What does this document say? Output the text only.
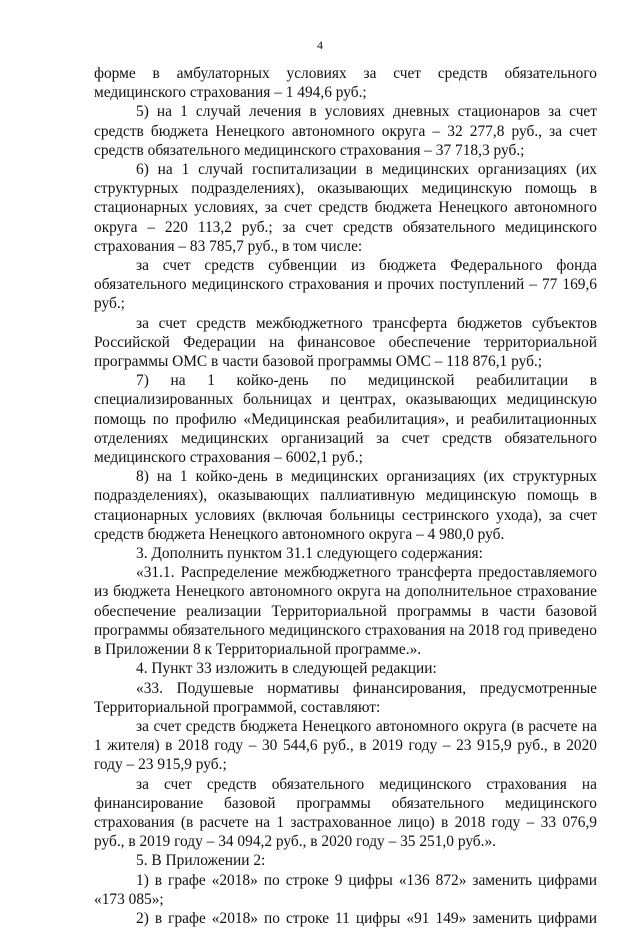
4

форме в амбулаторных условиях за счет средств обязательного медицинского страхования – 1 494,6 руб.;

5) на 1 случай лечения в условиях дневных стационаров за счет средств бюджета Ненецкого автономного округа – 32 277,8 руб., за счет средств обязательного медицинского страхования – 37 718,3 руб.;

6) на 1 случай госпитализации в медицинских организациях (их структурных подразделениях), оказывающих медицинскую помощь в стационарных условиях, за счет средств бюджета Ненецкого автономного округа – 220 113,2 руб.; за счет средств обязательного медицинского страхования – 83 785,7 руб., в том числе:

за счет средств субвенции из бюджета Федерального фонда обязательного медицинского страхования и прочих поступлений – 77 169,6 руб.;

за счет средств межбюджетного трансферта бюджетов субъектов Российской Федерации на финансовое обеспечение территориальной программы ОМС в части базовой программы ОМС – 118 876,1 руб.;

7) на 1 койко-день по медицинской реабилитации в специализированных больницах и центрах, оказывающих медицинскую помощь по профилю «Медицинская реабилитация», и реабилитационных отделениях медицинских организаций за счет средств обязательного медицинского страхования – 6002,1 руб.;

8) на 1 койко-день в медицинских организациях (их структурных подразделениях), оказывающих паллиативную медицинскую помощь в стационарных условиях (включая больницы сестринского ухода), за счет средств бюджета Ненецкого автономного округа – 4 980,0 руб.

3. Дополнить пунктом 31.1 следующего содержания:

«31.1. Распределение межбюджетного трансферта предоставляемого из бюджета Ненецкого автономного округа на дополнительное страхование обеспечение реализации Территориальной программы в части базовой программы обязательного медицинского страхования на 2018 год приведено в Приложении 8 к Территориальной программе.».

4. Пункт 33 изложить в следующей редакции:

«33. Подушевые нормативы финансирования, предусмотренные Территориальной программой, составляют:

за счет средств бюджета Ненецкого автономного округа (в расчете на 1 жителя) в 2018 году – 30 544,6 руб., в 2019 году – 23 915,9 руб., в 2020 году – 23 915,9 руб.;

за счет средств обязательного медицинского страхования на финансирование базовой программы обязательного медицинского страхования (в расчете на 1 застрахованное лицо) в 2018 году – 33 076,9 руб., в 2019 году – 34 094,2 руб., в 2020 году – 35 251,0 руб.».

5. В Приложении 2:

1) в графе «2018» по строке 9 цифры «136 872» заменить цифрами «173 085»;

2) в графе «2018» по строке 11 цифры «91 149» заменить цифрами
